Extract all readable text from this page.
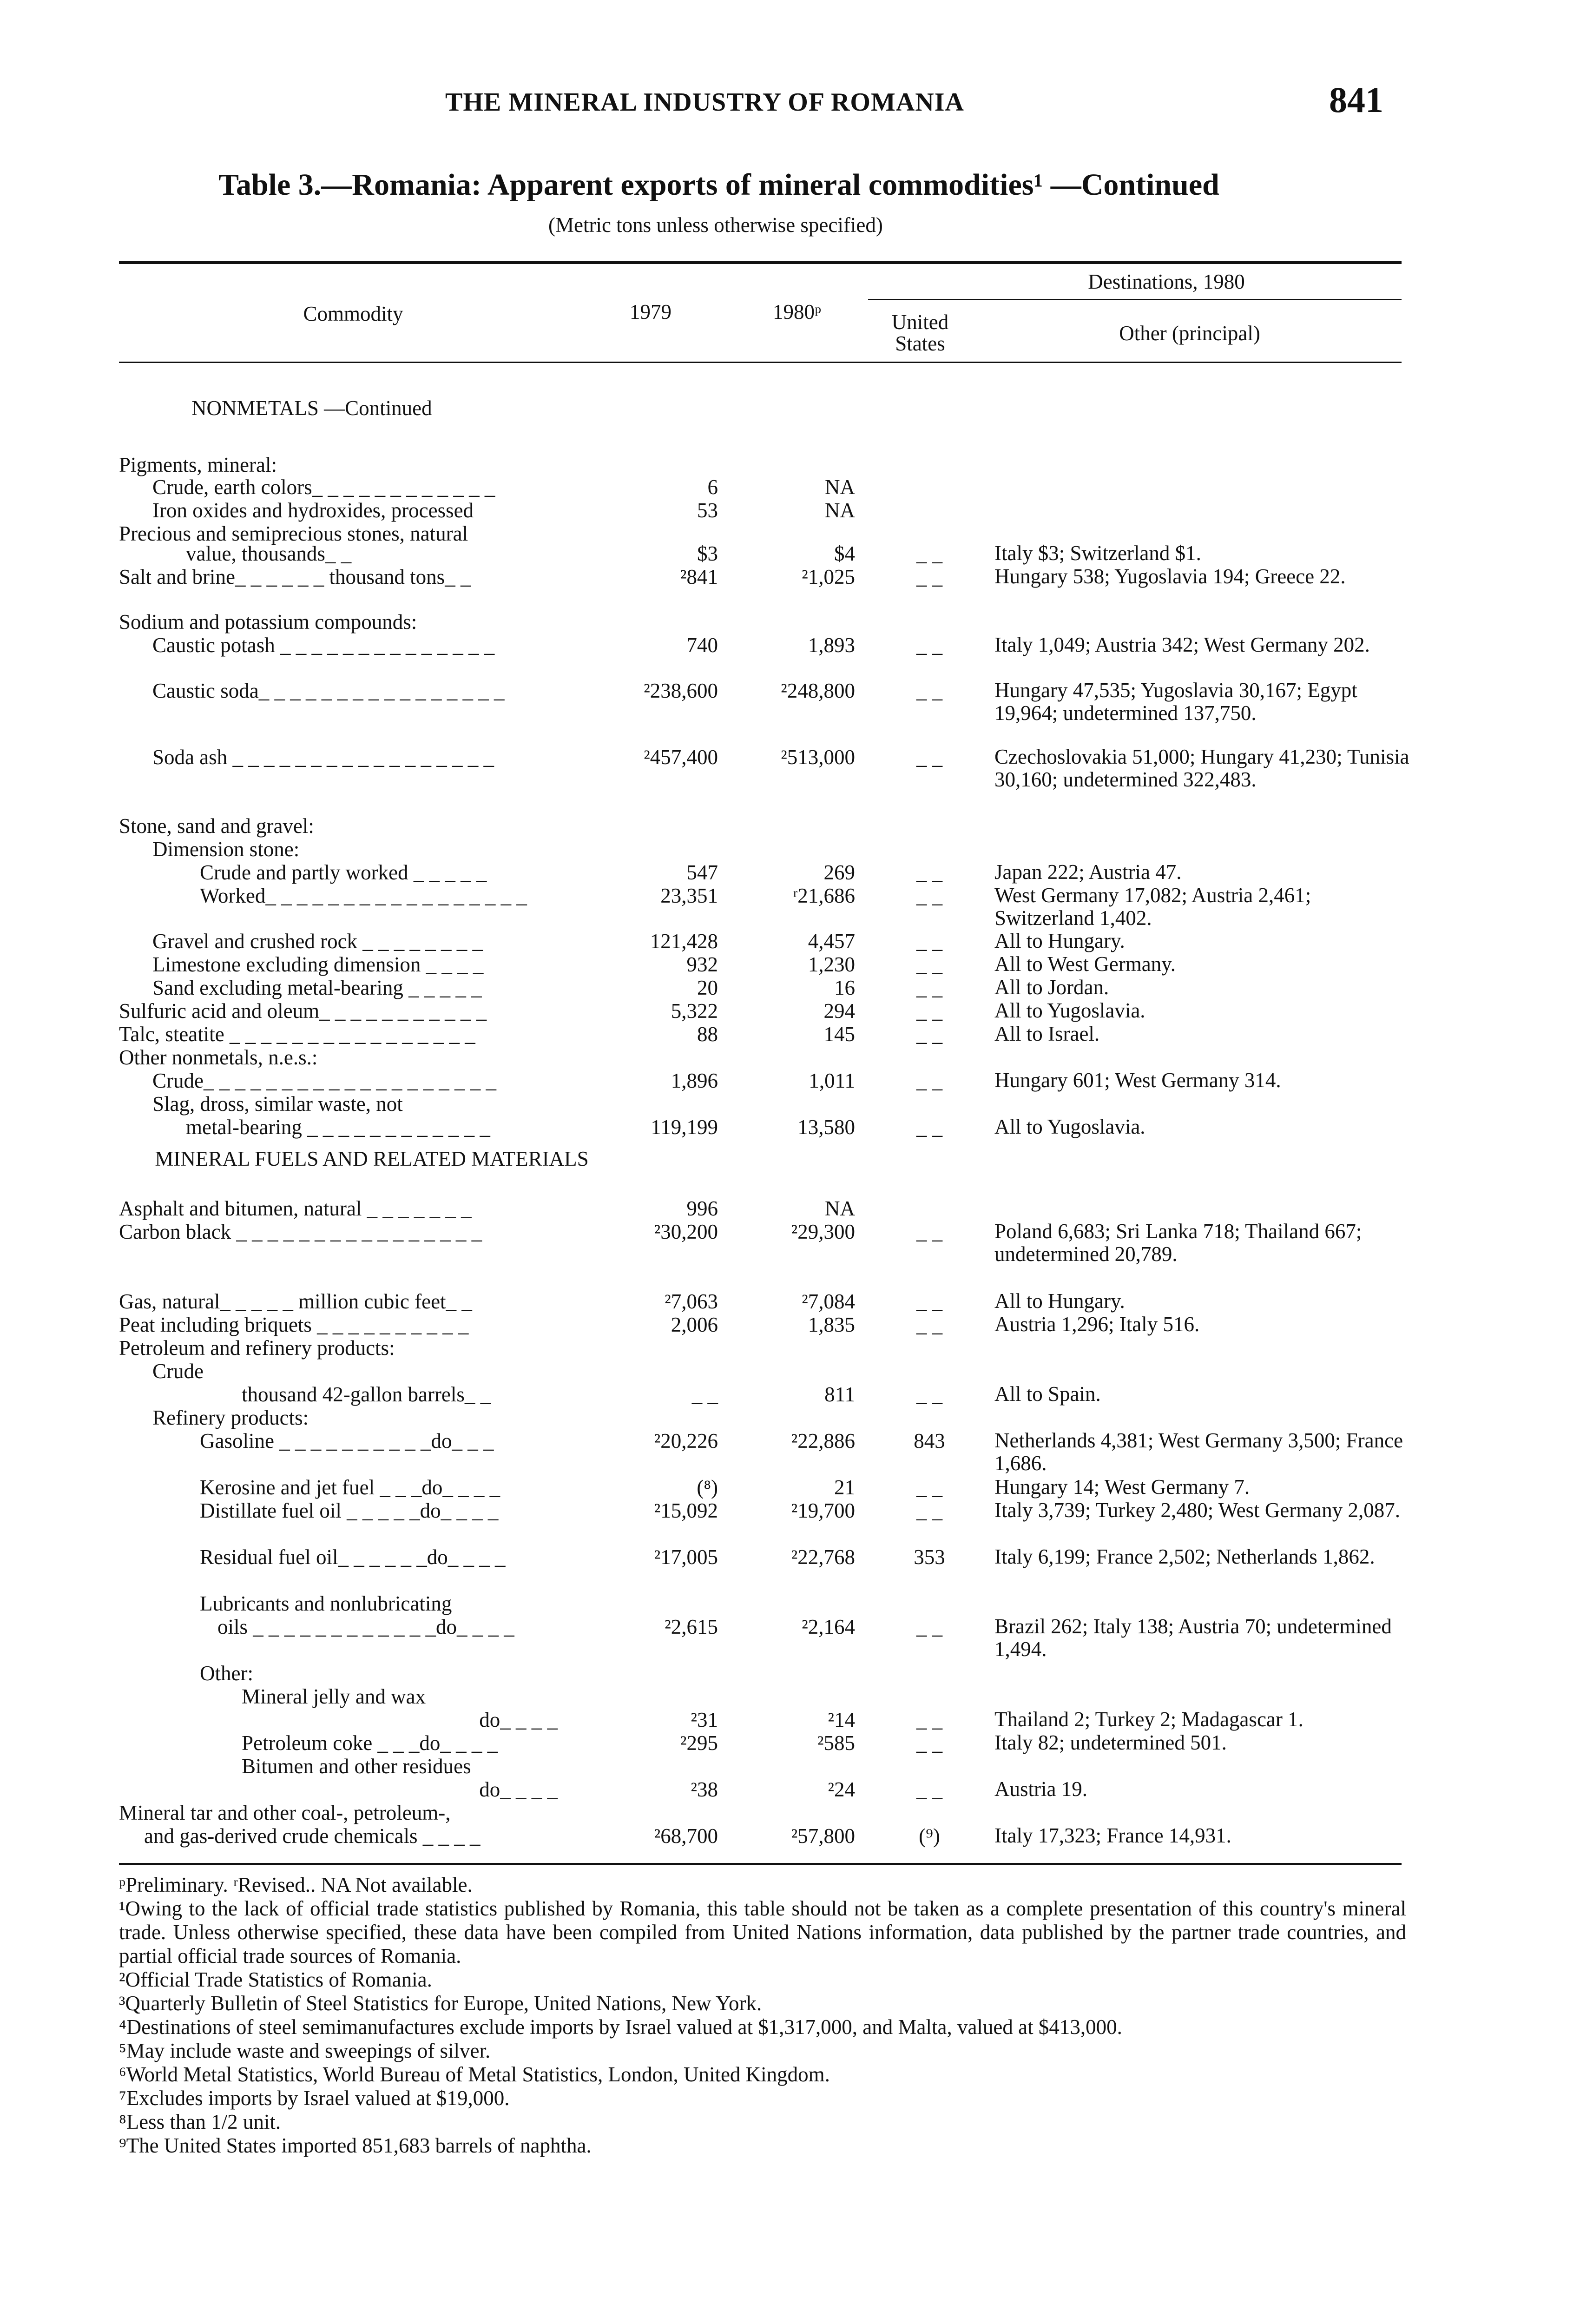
THE MINERAL INDUSTRY OF ROMANIA	841
Table 3.—Romania: Apparent exports of mineral commodities¹ —Continued
(Metric tons unless otherwise specified)
Commodity	1979	1980ᵖ
Destinations, 1980
United States	Other (principal)
NONMETALS —Continued
MINERAL FUELS AND RELATED MATERIALS
Pigments, mineral:
Crude, earth colors_ _ _ _ _ _ _ _ _ _ _ _	6	NA
Iron oxides and hydroxides, processed	53	NA
Precious and semiprecious stones, natural
value, thousands_ _	$3	$4	_ _	Italy $3; Switzerland $1.
Salt and brine_ _ _ _ _ _ thousand tons_ _	²841	²1,025	_ _	Hungary 538; Yugoslavia 194; Greece 22.
Sodium and potassium compounds:
Caustic potash _ _ _ _ _ _ _ _ _ _ _ _ _ _	740	1,893	_ _	Italy 1,049; Austria 342; West Germany 202.
Caustic soda_ _ _ _ _ _ _ _ _ _ _ _ _ _ _ _	²238,600	²248,800	_ _	Hungary 47,535; Yugoslavia 30,167; Egypt 19,964; undetermined 137,750.
Soda ash _ _ _ _ _ _ _ _ _ _ _ _ _ _ _ _ _	²457,400	²513,000	_ _	Czechoslovakia 51,000; Hungary 41,230; Tunisia 30,160; undetermined 322,483.
Stone, sand and gravel:
Dimension stone:
Crude and partly worked _ _ _ _ _	547	269	_ _	Japan 222; Austria 47.
Worked_ _ _ _ _ _ _ _ _ _ _ _ _ _ _ _ _	23,351	ʳ21,686	_ _	West Germany 17,082; Austria 2,461; Switzerland 1,402.
Gravel and crushed rock _ _ _ _ _ _ _ _	121,428	4,457	_ _	All to Hungary.
Limestone excluding dimension _ _ _ _	932	1,230	_ _	All to West Germany.
Sand excluding metal-bearing _ _ _ _ _	20	16	_ _	All to Jordan.
Sulfuric acid and oleum_ _ _ _ _ _ _ _ _ _ _	5,322	294	_ _	All to Yugoslavia.
Talc, steatite _ _ _ _ _ _ _ _ _ _ _ _ _ _ _ _	88	145	_ _	All to Israel.
Other nonmetals, n.e.s.:
Crude_ _ _ _ _ _ _ _ _ _ _ _ _ _ _ _ _ _ _	1,896	1,011	_ _	Hungary 601; West Germany 314.
Slag, dross, similar waste, not
metal-bearing _ _ _ _ _ _ _ _ _ _ _ _	119,199	13,580	_ _	All to Yugoslavia.
Asphalt and bitumen, natural _ _ _ _ _ _ _	996	NA
Carbon black _ _ _ _ _ _ _ _ _ _ _ _ _ _ _ _	²30,200	²29,300	_ _	Poland 6,683; Sri Lanka 718; Thailand 667; undetermined 20,789.
Gas, natural_ _ _ _ _ million cubic feet_ _	²7,063	²7,084	_ _	All to Hungary.
Peat including briquets _ _ _ _ _ _ _ _ _ _	2,006	1,835	_ _	Austria 1,296; Italy 516.
Petroleum and refinery products:
Crude
thousand 42-gallon barrels_ _	_ _	811	_ _	All to Spain.
Refinery products:
Gasoline _ _ _ _ _ _ _ _ _ _do_ _ _	²20,226	²22,886	843	Netherlands 4,381; West Germany 3,500; France 1,686.
Kerosine and jet fuel _ _ _do_ _ _ _	(⁸)	21	_ _	Hungary 14; West Germany 7.
Distillate fuel oil _ _ _ _ _do_ _ _ _	²15,092	²19,700	_ _	Italy 3,739; Turkey 2,480; West Germany 2,087.
Residual fuel oil_ _ _ _ _ _do_ _ _ _	²17,005	²22,768	353	Italy 6,199; France 2,502; Netherlands 1,862.
Lubricants and nonlubricating
oils _ _ _ _ _ _ _ _ _ _ _ _do_ _ _ _	²2,615	²2,164	_ _	Brazil 262; Italy 138; Austria 70; undetermined 1,494.
Other:
Mineral jelly and wax
do_ _ _ _	²31	²14	_ _	Thailand 2; Turkey 2; Madagascar 1.
Petroleum coke _ _ _do_ _ _ _	²295	²585	_ _	Italy 82; undetermined 501.
Bitumen and other residues
do_ _ _ _	²38	²24	_ _	Austria 19.
Mineral tar and other coal-, petroleum-,
and gas-derived crude chemicals _ _ _ _	²68,700	²57,800	(⁹)	Italy 17,323; France 14,931.

ᵖPreliminary. ʳRevised.. NA Not available.

¹Owing to the lack of official trade statistics published by Romania, this table should not be taken as a complete presentation of this country's mineral trade. Unless otherwise specified, these data have been compiled from United Nations information, data published by the partner trade countries, and partial official trade sources of Romania.

²Official Trade Statistics of Romania.

³Quarterly Bulletin of Steel Statistics for Europe, United Nations, New York.

⁴Destinations of steel semimanufactures exclude imports by Israel valued at $1,317,000, and Malta, valued at $413,000.

⁵May include waste and sweepings of silver.

⁶World Metal Statistics, World Bureau of Metal Statistics, London, United Kingdom.

⁷Excludes imports by Israel valued at $19,000.

⁸Less than 1/2 unit.

⁹The United States imported 851,683 barrels of naphtha.
